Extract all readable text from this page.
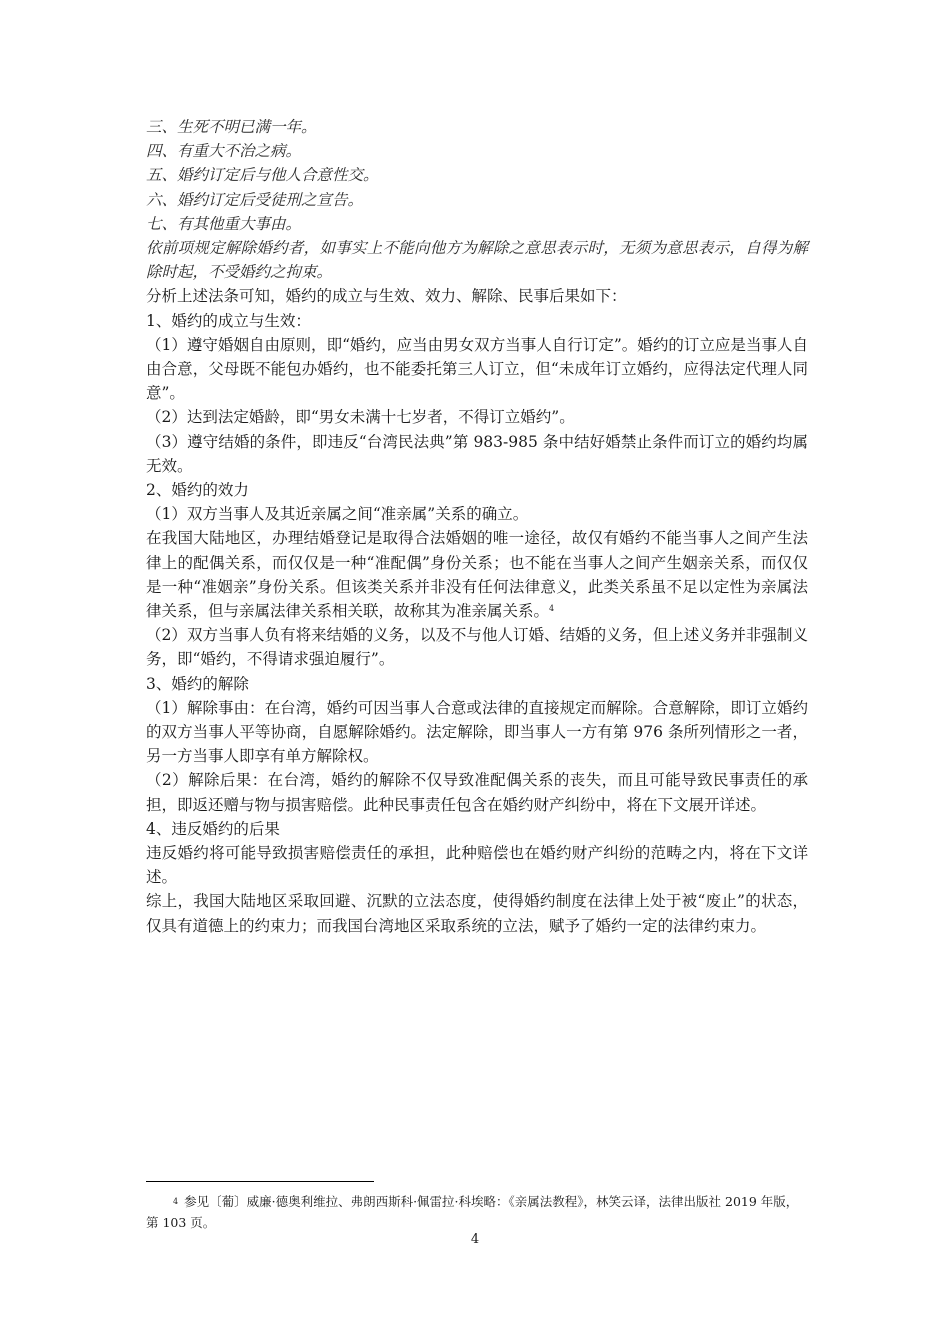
三、生死不明已满一年。
四、有重大不治之病。
五、婚约订定后与他人合意性交。
六、婚约订定后受徒刑之宣告。
七、有其他重大事由。
依前项规定解除婚约者，如事实上不能向他方为解除之意思表示时，无须为意思表示，自得为解除时起，不受婚约之拘束。
分析上述法条可知，婚约的成立与生效、效力、解除、民事后果如下：
1、婚约的成立与生效：
（1）遵守婚姻自由原则，即“婚约，应当由男女双方当事人自行订定”。婚约的订立应是当事人自由合意，父母既不能包办婚约，也不能委托第三人订立，但“未成年订立婚约，应得法定代理人同意”。
（2）达到法定婚龄，即“男女未满十七岁者，不得订立婚约”。
（3）遵守结婚的条件，即违反“台湾民法典”第 983-985 条中结好婚禁止条件而订立的婚约均属无效。
2、婚约的效力
（1）双方当事人及其近亲属之间“准亲属”关系的确立。
在我国大陆地区，办理结婚登记是取得合法婚姻的唯一途径，故仅有婚约不能当事人之间产生法律上的配偶关系，而仅仅是一种“准配偶”身份关系；也不能在当事人之间产生姻亲关系，而仅仅是一种“准姻亲”身份关系。但该类关系并非没有任何法律意义，此类关系虽不足以定性为亲属法律关系，但与亲属法律关系相关联，故称其为准亲属关系。$^4$
（2）双方当事人负有将来结婚的义务，以及不与他人订婚、结婚的义务，但上述义务并非强制义务，即“婚约，不得请求强迫履行”。
3、婚约的解除
（1）解除事由：在台湾，婚约可因当事人合意或法律的直接规定而解除。合意解除，即订立婚约的双方当事人平等协商，自愿解除婚约。法定解除，即当事人一方有第 976 条所列情形之一者，另一方当事人即享有单方解除权。
（2）解除后果：在台湾，婚约的解除不仅导致准配偶关系的丧失，而且可能导致民事责任的承担，即返还赠与物与损害赔偿。此种民事责任包含在婚约财产纠纷中，将在下文展开详述。
4、违反婚约的后果
违反婚约将可能导致损害赔偿责任的承担，此种赔偿也在婚约财产纠纷的范畴之内，将在下文详述。
综上，我国大陆地区采取回避、沉默的立法态度，使得婚约制度在法律上处于被“废止”的状态，仅具有道德上的约束力；而我国台湾地区采取系统的立法，赋予了婚约一定的法律约束力。
$^4$ 参见〔葡〕威廉·德奥利维拉、弗朗西斯科·佩雷拉·科埃略：《亲属法教程》，林笑云译，法律出版社 2019 年版，第 103 页。
4
